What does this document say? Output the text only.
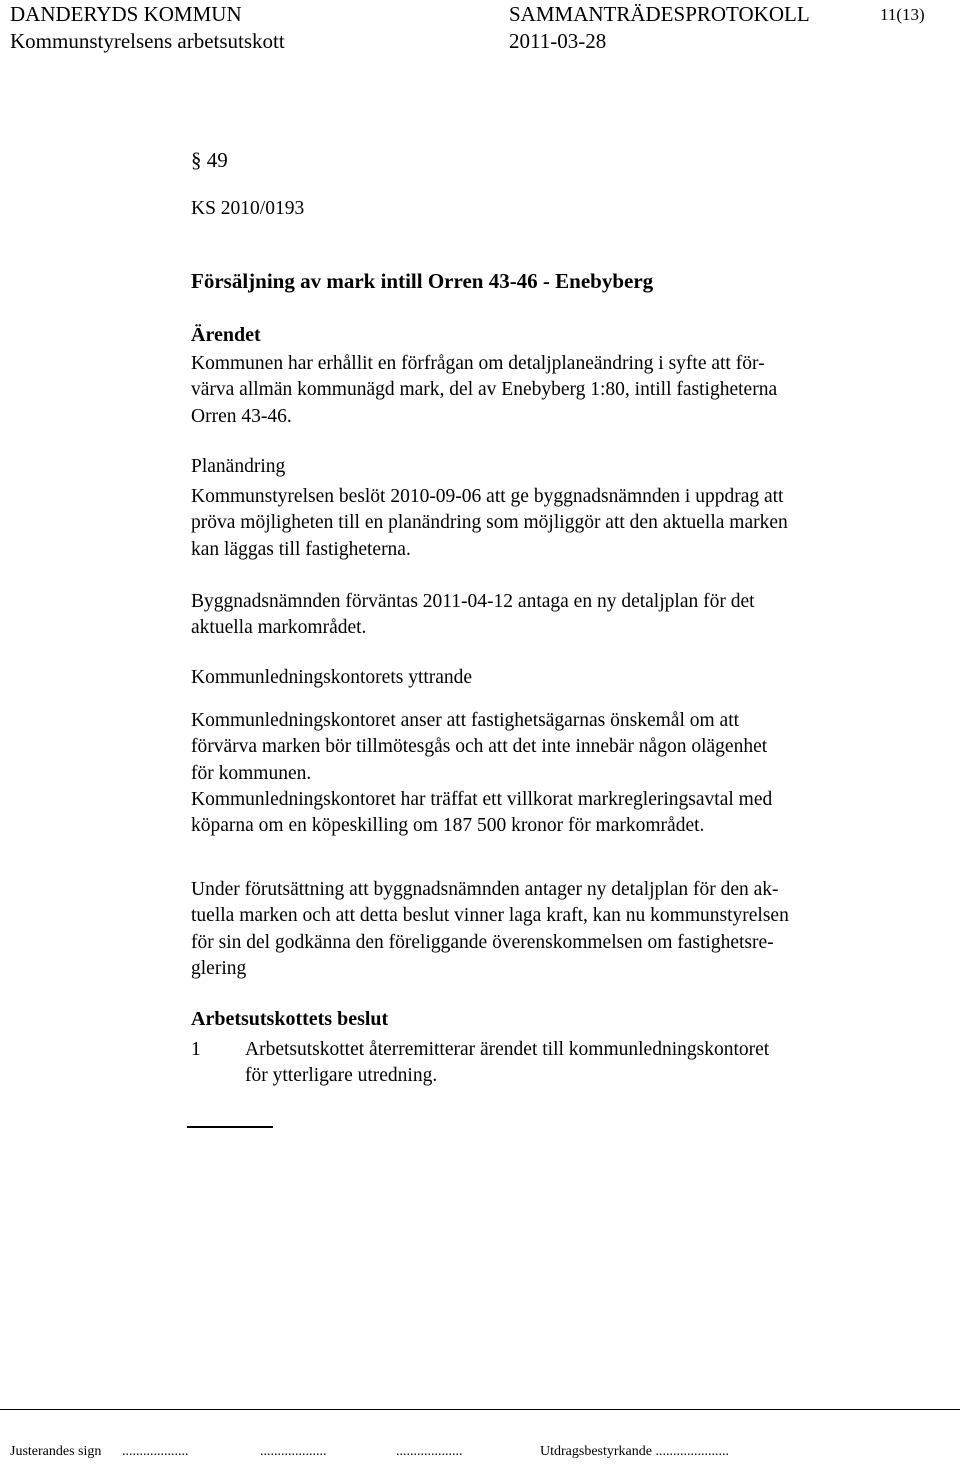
DANDERYDS KOMMUN
Kommunstyrelsens arbetsutskott
SAMMANTRÄDESPROTOKOLL
2011-03-28
11(13)
§ 49
KS 2010/0193
Försäljning av mark intill Orren 43-46 - Enebyberg
Ärendet
Kommunen har erhållit en förfrågan om detaljplaneändring i syfte att för-
värva allmän kommunägd mark, del av Enebyberg 1:80, intill fastigheterna
Orren 43-46.
Planändring
Kommunstyrelsen beslöt 2010-09-06 att ge byggnadsnämnden i uppdrag att
pröva möjligheten till en planändring som möjliggör att den aktuella marken
kan läggas till fastigheterna.
Byggnadsnämnden förväntas 2011-04-12 antaga en ny detaljplan för det
aktuella markområdet.
Kommunledningskontorets yttrande
Kommunledningskontoret anser att fastighetsägarnas önskemål om att
förvärva marken bör tillmötesgås och att det inte innebär någon olägenhet
för kommunen.
Kommunledningskontoret har träffat ett villkorat markregleringsavtal med
köparna om en köpeskilling om 187 500 kronor för markområdet.
Under förutsättning att byggnadsnämnden antager ny detaljplan för den ak-
tuella marken och att detta beslut vinner laga kraft, kan nu kommunstyrelsen
för sin del godkänna den föreliggande överenskommelsen om fastighetsre-
glering
Arbetsutskottets beslut
1 Arbetsutskottet återremitterar ärendet till kommunledningskontoret
för ytterligare utredning.
Justerandes sign ...................	...................	...................	Utdragsbestyrkande .....................
